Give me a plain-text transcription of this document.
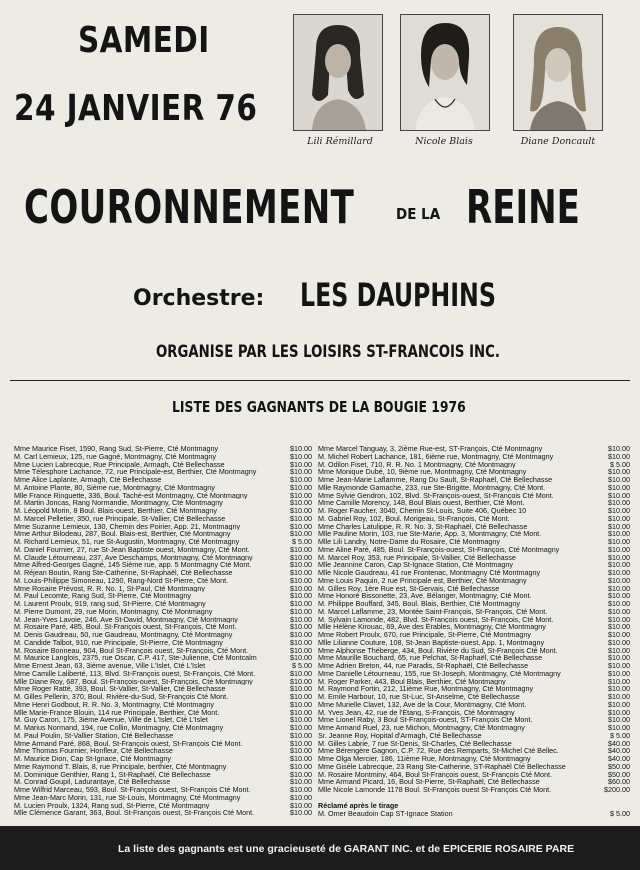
SAMEDI
24 JANVIER 76
Lili Rémillard	Nicole Blais	Diane Doncault
COURONNEMENT	DE LA REINE
Orchestre: LES DAUPHINS
ORGANISE PAR LES LOISIRS ST-FRANCOIS INC.
LISTE DES GAGNANTS DE LA BOUGIE 1976
Mme Maurice Fiset, 1590, Rang Sud, St-Pierre, Cté Montmagny	$10.00
M. Carl Lemieux, 125, rue Gagné, Montmagny, Cté Montmagny	$10.00
Mme Lucien Labrecque, Rue Principale, Armagh, Cté Bellechasse	$10.00
Mme Télesphore Lachance, 72, rue Principale-est, Berthier, Cté Montmagny	$10.00
Mme Alice Laplante, Armagh, Cté Bellechasse	$10.00
M. Antoine Plante, 80, Sième rue, Montmagny, Cté Montmagny	$10.00
Mlle France Ringuette, 336, Boul. Taché-est Montmagny, Cté Montmagny	$10.00
M. Martin Joncas, Rang Normandie, Montmagny, Cté Montmagny	$10.00
M. Léopold Morin, 8 Boul. Blais-ouest, Berthier, Cté Montmagny	$10.00
M. Marcel Pelletier, 350, rue Principale, St-Vallier, Cté Bellechasse	$10.00
Mme Suzanne Lemieux, 130, Chemin des Poirier, App. 21, Montmagny	$10.00
Mme Arthur Bilodeau, 287, Boul. Blais-est, Berthier, Cté Montmagny	$10.00
M. Richard Lemieux, 51, rue St-Augustin, Montmagny, Cté Montmagny	$ 5.00
M. Daniel Fournier, 27, rue St-Jean Baptiste ouest, Montmagny, Cté Mont.	$10.00
M. Claude Létourneau, 237, Ave Deschamps, Montmagny, Cté Montmagny	$10.00
Mme Alfred-Georges Gagné, 145 Sième rue, app. 5 Montmagny Cté Mont.	$10.00
M. Réjean Boutin, Rang Ste-Catherine, St-Raphaël, Cté Bellechasse	$10.00
M. Louis-Philippe Simoneau, 1290, Rang-Nord St-Pierre, Cté Mont.	$10.00
Mme Rosaire Prévost, R. R. No. 1, St-Paul, Cté Montmagny	$10.00
M. Paul Lecomte, Rang Sud, St-Pierre, Cté Montmagny	$10.00
M. Laurent Proulx, 919, rang sud, St-Pierre, Cté Montmagny	$10.00
M. Pierre Dumont, 29, rue Morin, Montmagny, Cté Montmagny	$10.00
M. Jean-Yves Lavoie, 246, Ave St-David, Montmagny, Cté Montmagny	$10.00
M. Rosaire Paré, 485, Boul. St-François ouest, St-François, Cté Mont.	$10.00
M. Denis Gaudreau, 50, rue Gaudreau, Montmagny, Cté Montmagny	$10.00
M. Candide Talbot, 910, rue Principale, St-Pierre, Cté Montmagny	$10.00
M. Rosaire Bonneau, 904, Boul St-François ouest, St-François, Cté Mont.	$10.00
M. Maurice Langlois, 2375, rue Oscar, C.P. 417, Ste-Julienne, Cté Montcalm	$10.00
Mme Ernest Jean, 63, 3ième avenue, Ville L'Islet, Cté L'Islet	$ 5.00
Mme Camille Laliberté, 113, Blvd. St-François ouest, St-François, Cté Mont.	$10.00
Mlle Diane Roy, 687, Boul. St-François-ouest, St-François, Cté Montmagny	$10.00
Mme Roger Ratté, 393, Boul. St-Vallier, St-Vallier, Cté Bellechasse	$10.00
M. Gilles Pellerin, 370, Boul. Rivière-du-Sud, St-François Cté Mont.	$10.00
Mme Henri Godbout, R. R. No. 3, Montmagny, Cté Montmagny	$10.00
Mlle Marie-France Blouin, 114 rue Principale, Berthier, Cté Mont.	$10.00
M. Guy Caron, 175, 3ième Avenue, Ville de L'Islet, Cté L'Islet	$10.00
M. Marius Normand, 194, rue Collin, Montmagny, Cté Montmagny	$10.00
M. Paul Poulin, St-Vallier Station, Cté Bellechasse	$10.00
Mme Armand Paré, 868, Boul. St-François ouest, St-François Cté Mont.	$10.00
Mme Thomas Fournier, Honfleur, Cté Bellechasse	$10.00
M. Maurice Dion, Cap St-Ignace, Cté Montmagny	$10.00
Mme Raymond T. Blais, 8, rue Principale, berthier, Cté Montmagny	$10.00
M. Dominique Genthier, Rang 1, St-Raphaël, Cté Bellechasse	$10.00
M. Conrad Goupil, Laduranțaye, Cté Bellechasse	$10.00
Mme Wilfrid Marceau, 593, Boul. St-François ouest, St-François Cté Mont.	$10.00
Mme Jean-Marc Morin, 131, rue St-Louis, Montmagny, Cté Montmagny	$10.00
M. Lucien Proulx, 1324, Rang sud, St-Pierre, Cté Montmagny	$10.00
Mlle Clémence Garant, 363, Boul. St-François ouest, St-François Cté Mont.	$10.00
Mme Marcel Tanguay, 3, 2ième Rue-est, ST-François, Cté Montmagny	$10.00
M. Michel Robert Lachance, 181, 6ième rue, Montmagny, Cté Montmagny	$10.00
M. Odilon Fiset, 710, R. R. No. 1 Montmagny, Cté Montmagny	$ 5.00
Mme Monique Dubé, 10, 9ième rue, Montmagny, Cté Montmagny	$10.00
Mme Jean-Marie Laflamme, Rang Du Sault, St-Raphaël, Cté Bellechasse	$10.00
Mlle Raymonde Gamache, 233, rue Ste-Brigitte, Montmagny, Cté Mont.	$10.00
Mme Sylvie Gendron, 102, Blvd. St-François-ouest, St-François Cté Mont.	$10.00
Mme Camille Morency, 148, Boul Blais ouest, Berthier, Cté Mont.	$10.00
M. Roger Faucher, 3040, Chemin St-Louis, Suite 406, Québec 10	$10.00
M. Gabriel Roy, 102, Boul. Morigeau, St-François, Cté Mont.	$10.00
Mme Charles Latulippe, R. R. No. 3, St-Raphaël, Cté Bellechasse	$10.00
Mlle Pauline Morin, 103, rue Ste-Marie, App. 3, Montmagny, Cté Mont.	$10.00
Mlle Lili Landry, Notre-Dame du Rosaire, Cté Montmagny	$10.00
Mme Aline Paré, 485, Boul. St-François-ouest, St-François, Cté Montmagny	$10.00
M. Marcel Roy, 353, rue Principale, St-Vallier, Cté Bellechasse	$10.00
Mlle Jeannine Caron, Cap St-Ignace Station, Cté Montmagny	$10.00
Mlle Nicole Gaudreau, 41 rue Frontenac, Montmagny Cté Montmagny	$10.00
Mme Louis Paquin, 2 rue Principale est, Berthier, Cté Montmagny	$10.00
M. Gilles Roy, 1ère Rue est, St-Gervais, Cté Bellechasse	$10.00
Mme Honoré Bissonette, 23, Ave. Bélanger, Montmagny, Cté Mont.	$10.00
M. Philippe Bouffard, 345, Boul. Blais, Berthier, Cté Montmagny	$10.00
M. Marcel Laflamme, 23, Montée Saint-François, St-François, Cté Mont.	$10.00
M. Sylvain Lamonde, 482, Blvd. St-François ouest, St-François, Cté Mont.	$10.00
Mlle Hélène Kirouac, 69, Ave des Érables, Montmagny, Cté Montmagny	$10.00
Mme Robert Proulx, 670, rue Principale, St-Pierre, Cté Montmagny	$10.00
Mlle Lilianne Couture, 108, St-Jean Baptiste-ouest, App. 1, Montmagny	$10.00
Mme Alphonse Théberge, 434, Boul. Rivière du Sud, St-François Cté Mont.	$10.00
Mme Maurille Bouchard, 65, rue Pelchat, St-Raphaël, Cté Bellechasse	$10.00
Mme Adrien Breton, 44, rue Paradis, St-Raphaël, Cté Bellechasse	$10.00
Mme Danielle Létourneau, 155, rue St-Joseph, Montmagny, Cté Montmagny	$10.00
M. Roger Parker, 443, Boul Blais, Berthier, Cté Montmagny	$10.00
M. Raymond Fortin, 212, 11ième Rue, Montmagny, Cté Montmagny	$10.00
M. Emile Harbour, 10, rue St-Luc, St-Anselme, Cté Bellechasse	$10.00
Mme Murielle Clavet, 132, Ave de la Cour, Montmagny, Cté Mont.	$10.00
M. Yves Jean, 42, rue de l'Étang, S-François, Cté Montmagny	$10.00
Mme Lionel Raby, 3 Boul St-François-ouest, ST-François Cté Mont.	$10.00
Mme Armand Ruel, 23, rue Michon, Montmagny, Cté Montmagny	$10.00
Sr. Jeanne Roy, Hopital d'Armagh, Cté Bellechasse	$ 5.00
M. Gilles Labrie, 7 rue St-Denis, St-Charles, Cté Bellechasse	$40.00
Mme Bérengère Gagnon, C.P. 72, Rue des Remparts, St-Michel Cté Bellec.	$40.00
Mme Olga Mercier, 186, 11ième Rue, Montmagny, Cté Montmagny	$40.00
Mme Gisèle Labrecque, 23 Rang Ste-Catherine, ST-Raphaël Cté Bellechasse	$50.00
M. Rosaire Montminy, 464, Boul St-François ouest, St-François Cté Mont.	$50.00
Mme Armand Picard, 16, Boul St-Pierre, St-Raphaël, Cté Bellechasse	$60.00
Mlle Nicole Lamonde 1178 Boul. St-François ouest St-François Cté Mont.	$200.00
Réclamé après le tirage
M. Omer Beaudoin Cap ST-Ignace Station	$ 5.00
La liste des gagnants est une gracieuseté de GARANT INC. et de EPICERIE ROSAIRE PARE
